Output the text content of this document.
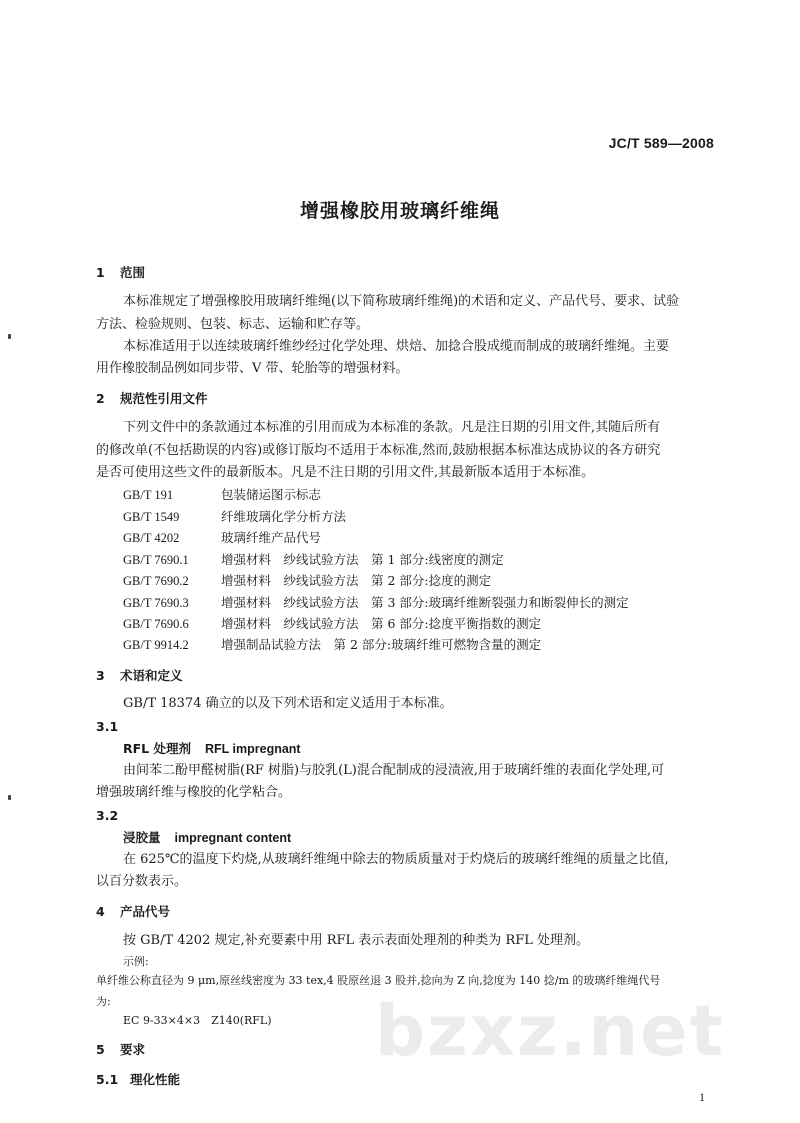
JC/T 589—2008
增强橡胶用玻璃纤维绳
1 范围
本标准规定了增强橡胶用玻璃纤维绳(以下简称玻璃纤维绳)的术语和定义、产品代号、要求、试验
方法、检验规则、包装、标志、运输和贮存等。
本标准适用于以连续玻璃纤维纱经过化学处理、烘焙、加捻合股成缆而制成的玻璃纤维绳。主要
用作橡胶制品例如同步带、V 带、轮胎等的增强材料。
2 规范性引用文件
下列文件中的条款通过本标准的引用而成为本标准的条款。凡是注日期的引用文件,其随后所有
的修改单(不包括勘误的内容)或修订版均不适用于本标准,然而,鼓励根据本标准达成协议的各方研究
是否可使用这些文件的最新版本。凡是不注日期的引用文件,其最新版本适用于本标准。
GB/T 191	包装储运图示标志
GB/T 1549	纤维玻璃化学分析方法
GB/T 4202	玻璃纤维产品代号
GB/T 7690.1	增强材料　纱线试验方法　第 1 部分:线密度的测定
GB/T 7690.2	增强材料　纱线试验方法　第 2 部分:捻度的测定
GB/T 7690.3	增强材料　纱线试验方法　第 3 部分:玻璃纤维断裂强力和断裂伸长的测定
GB/T 7690.6	增强材料　纱线试验方法　第 6 部分:捻度平衡指数的测定
GB/T 9914.2	增强制品试验方法　第 2 部分:玻璃纤维可燃物含量的测定
3 术语和定义
GB/T 18374 确立的以及下列术语和定义适用于本标准。
3.1
RFL 处理剂 RFL impregnant
由间苯二酚甲醛树脂(RF 树脂)与胶乳(L)混合配制成的浸渍液,用于玻璃纤维的表面化学处理,可
增强玻璃纤维与橡胶的化学粘合。
3.2
浸胶量 impregnant content
在 625℃的温度下灼烧,从玻璃纤维绳中除去的物质质量对于灼烧后的玻璃纤维绳的质量之比值,
以百分数表示。
4 产品代号
按 GB/T 4202 规定,补充要素中用 RFL 表示表面处理剂的种类为 RFL 处理剂。
示例:
单纤维公称直径为 9 μm,原丝线密度为 33 tex,4 股原丝退 3 股并,捻向为 Z 向,捻度为 140 捻/m 的玻璃纤维绳代号
为:
EC 9-33×4×3　Z140(RFL)
5 要求
5.1 理化性能
bzxz.net
1
